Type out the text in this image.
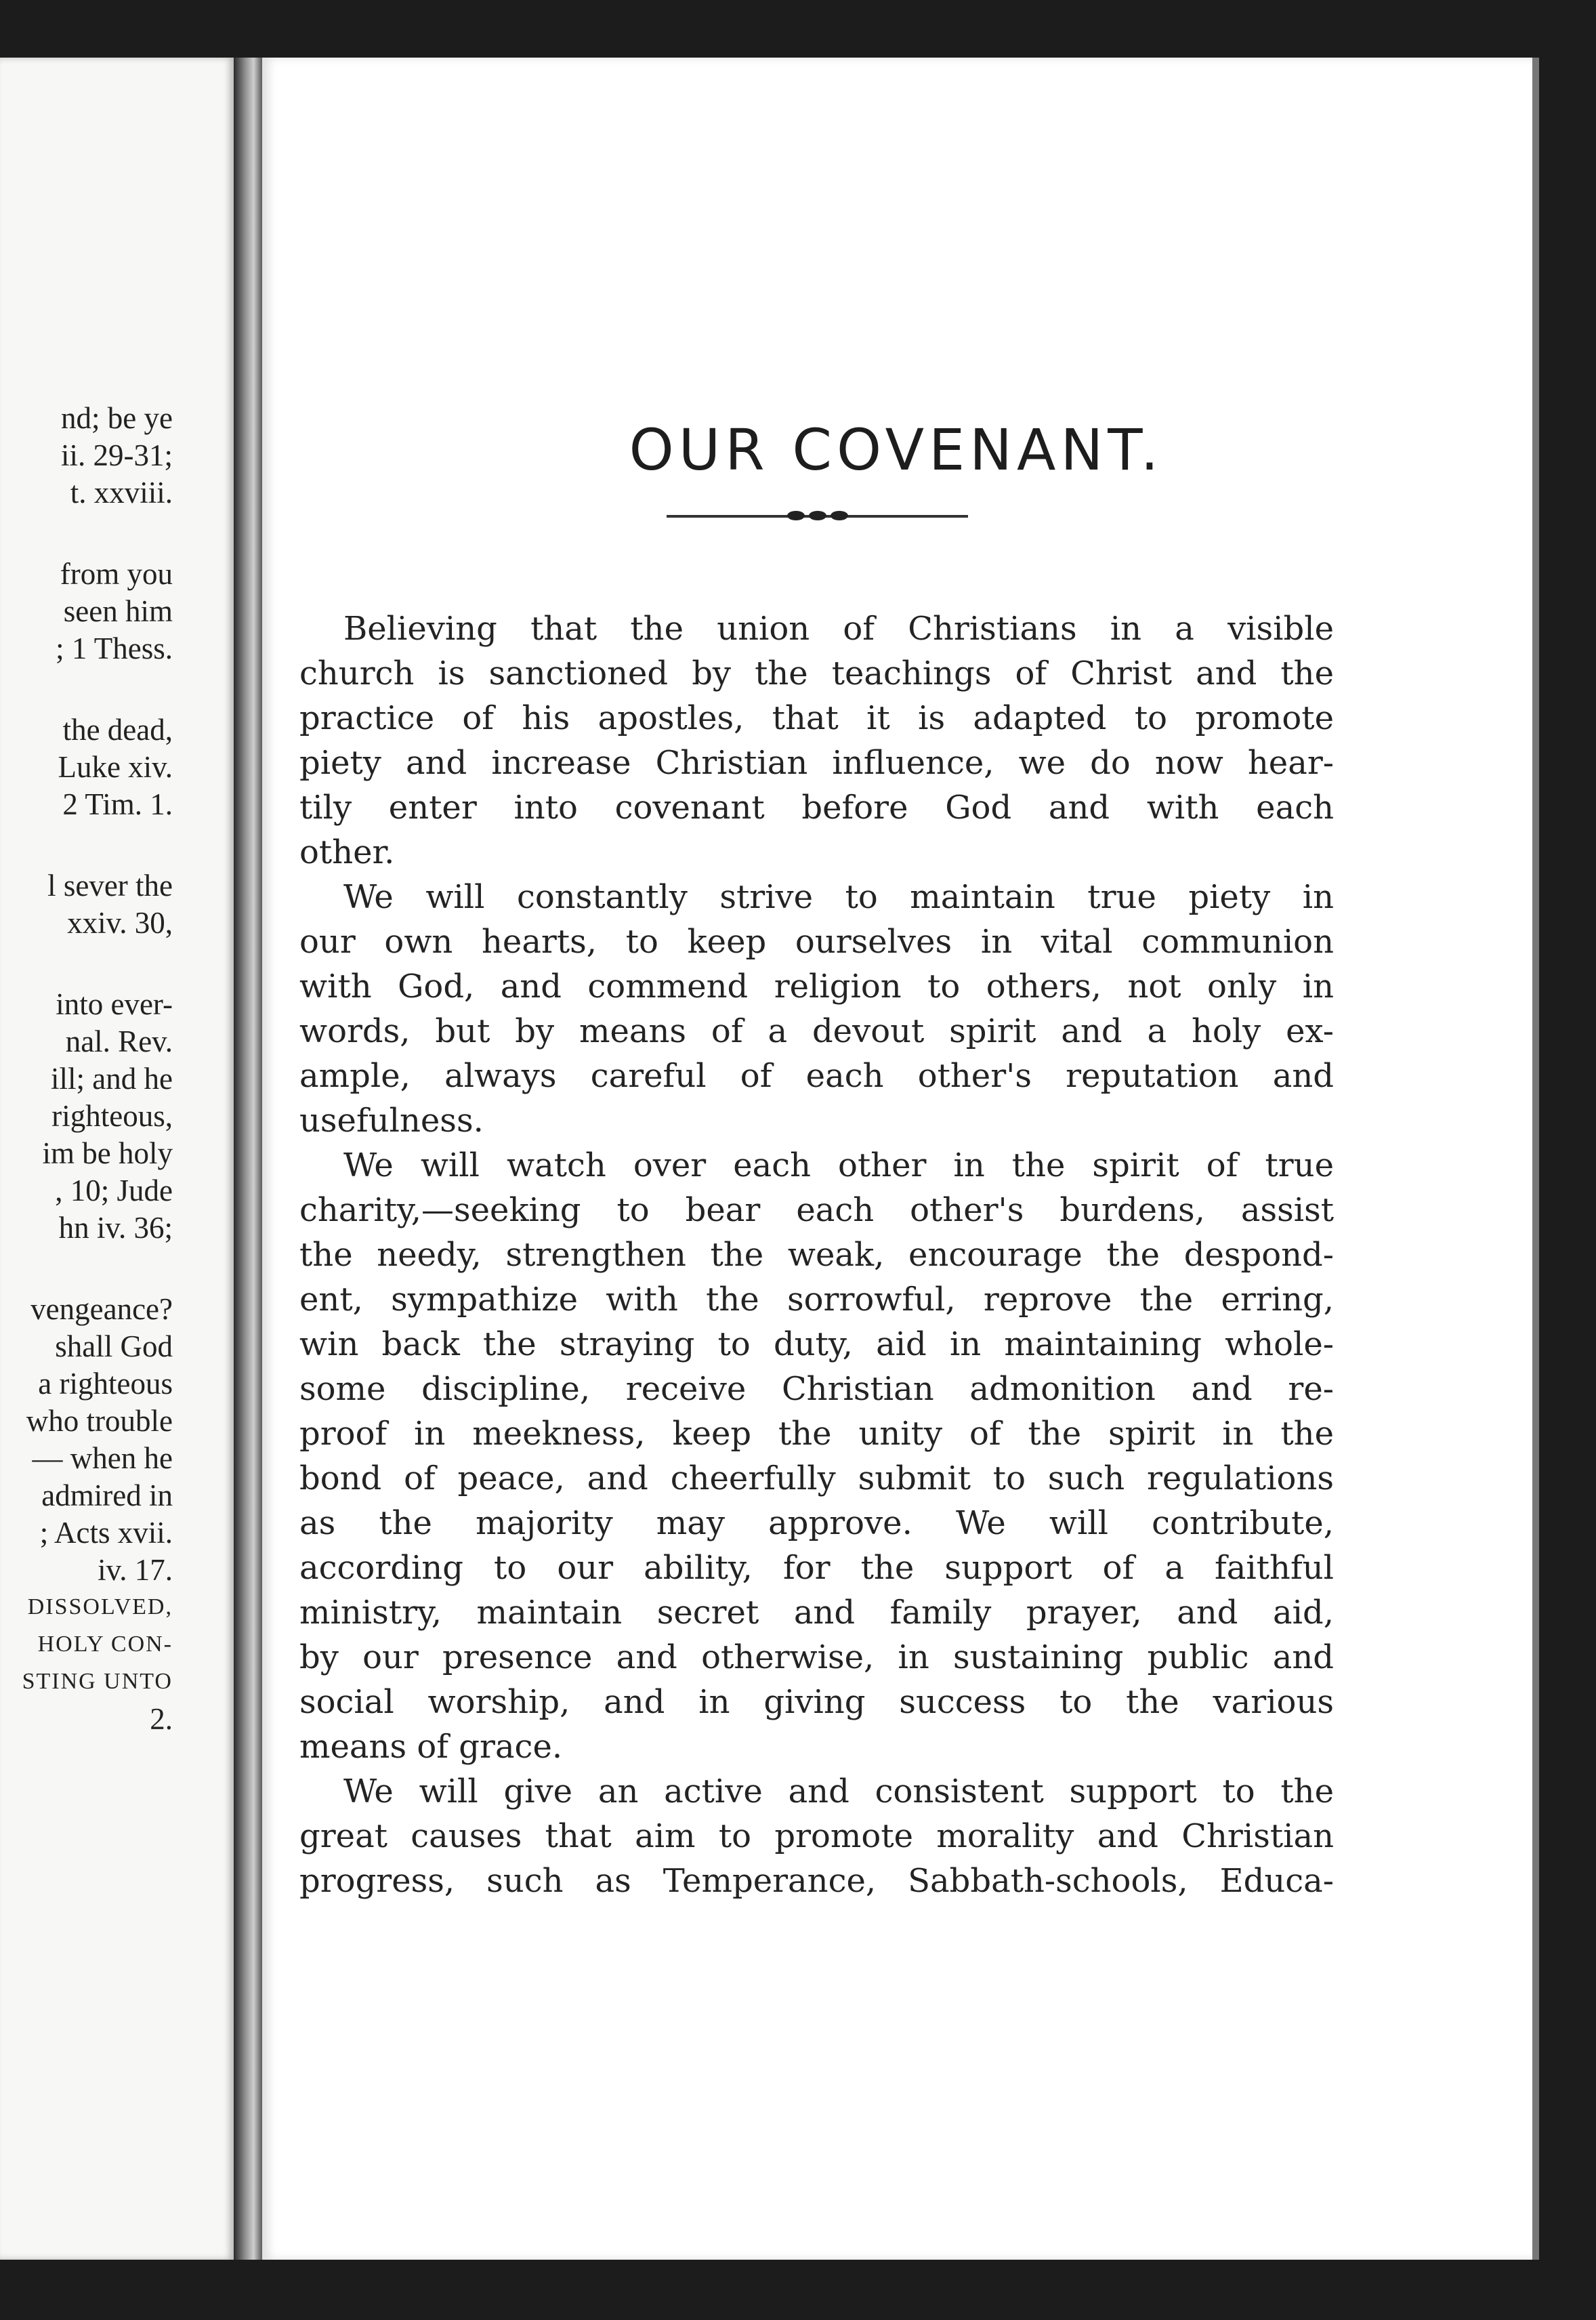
nd; be ye
ii. 29-31;
t. xxviii.
from you
seen him
; 1 Thess.
the dead,
Luke xiv.
2 Tim. 1.
l sever the
xxiv. 30,
into ever-
nal. Rev.
ill; and he
righteous,
im be holy
, 10; Jude
hn iv. 36;
vengeance?
shall God
a righteous
who trouble
— when he
admired in
; Acts xvii.
iv. 17.
DISSOLVED,
HOLY CON-
STING UNTO
2.
OUR COVENANT.
Believing that the union of Christians in a visible
church is sanctioned by the teachings of Christ and the
practice of his apostles, that it is adapted to promote
piety and increase Christian influence, we do now hear-
tily enter into covenant before God and with each
other.
We will constantly strive to maintain true piety in
our own hearts, to keep ourselves in vital communion
with God, and commend religion to others, not only in
words, but by means of a devout spirit and a holy ex-
ample, always careful of each other's reputation and
usefulness.
We will watch over each other in the spirit of true
charity,—seeking to bear each other's burdens, assist
the needy, strengthen the weak, encourage the despond-
ent, sympathize with the sorrowful, reprove the erring,
win back the straying to duty, aid in maintaining whole-
some discipline, receive Christian admonition and re-
proof in meekness, keep the unity of the spirit in the
bond of peace, and cheerfully submit to such regulations
as the majority may approve. We will contribute,
according to our ability, for the support of a faithful
ministry, maintain secret and family prayer, and aid,
by our presence and otherwise, in sustaining public and
social worship, and in giving success to the various
means of grace.
We will give an active and consistent support to the
great causes that aim to promote morality and Christian
progress, such as Temperance, Sabbath-schools, Educa-
